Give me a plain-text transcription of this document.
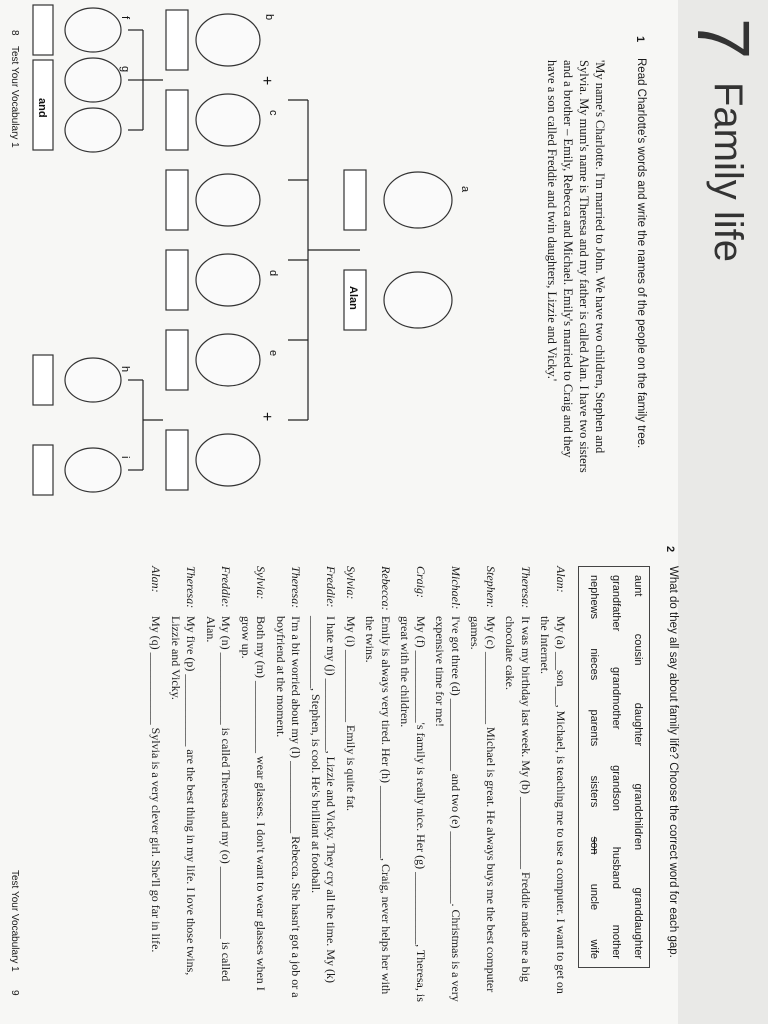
7
Family life
1
Read Charlotte's words and write the names of the people on the family tree.
'My name's Charlotte. I'm married to John. We have two children, Stephen and Sylvia. My mum's name is Theresa and my father is called Alan. I have two sisters and a brother – Emily, Rebecca and Michael. Emily's married to Craig and they have a son called Freddie and twin daughters, Lizzie and Vicky.'
a
Alan
b
+
c
d
e
+
f
g
and
h
i
2
What do they all say about family life? Choose the correct word for each gap.
aunt
cousin
daughter
grandchildren
granddaughter
grandfather
grandmother
grandson
husband
mother
nephews
nieces
parents
sisters
son
uncle
wife
Alan:
My (a) ___son___, Michael, is teaching me to use a computer. I want to get on the Internet.
Theresa:
It was my birthday last week. My (b) ____________ Freddie made me a big chocolate cake.
Stephen:
My (c) ____________ Michael is great. He always buys me the best computer games.
Michael:
I've got three (d) ____________ and two (e) ____________. Christmas is a very expensive time for me!
Craig:
My (f) ____________'s family is really nice. Her (g) ____________, Theresa, is great with the children.
Rebecca:
Emily is always very tired. Her (h) ____________, Craig, never helps her with the twins.
Sylvia:
My (i) ____________ Emily is quite fat.
Freddie:
I hate my (j) ____________, Lizzie and Vicky. They cry all the time. My (k) ____________, Stephen, is cool. He's brilliant at football.
Theresa:
I'm a bit worried about my (l) ____________ Rebecca. She hasn't got a job or a boyfriend at the moment.
Sylvia:
Both my (m) ____________ wear glasses. I don't want to wear glasses when I grow up.
Freddie:
My (n) ____________ is called Theresa and my (o) ____________ is called Alan.
Theresa:
My five (p) ____________ are the best thing in my life. I love those twins, Lizzie and Vicky.
Alan:
My (q) ____________ Sylvia is a very clever girl. She'll go far in life.
8
Test Your Vocabulary 1
Test Your Vocabulary 1
9
